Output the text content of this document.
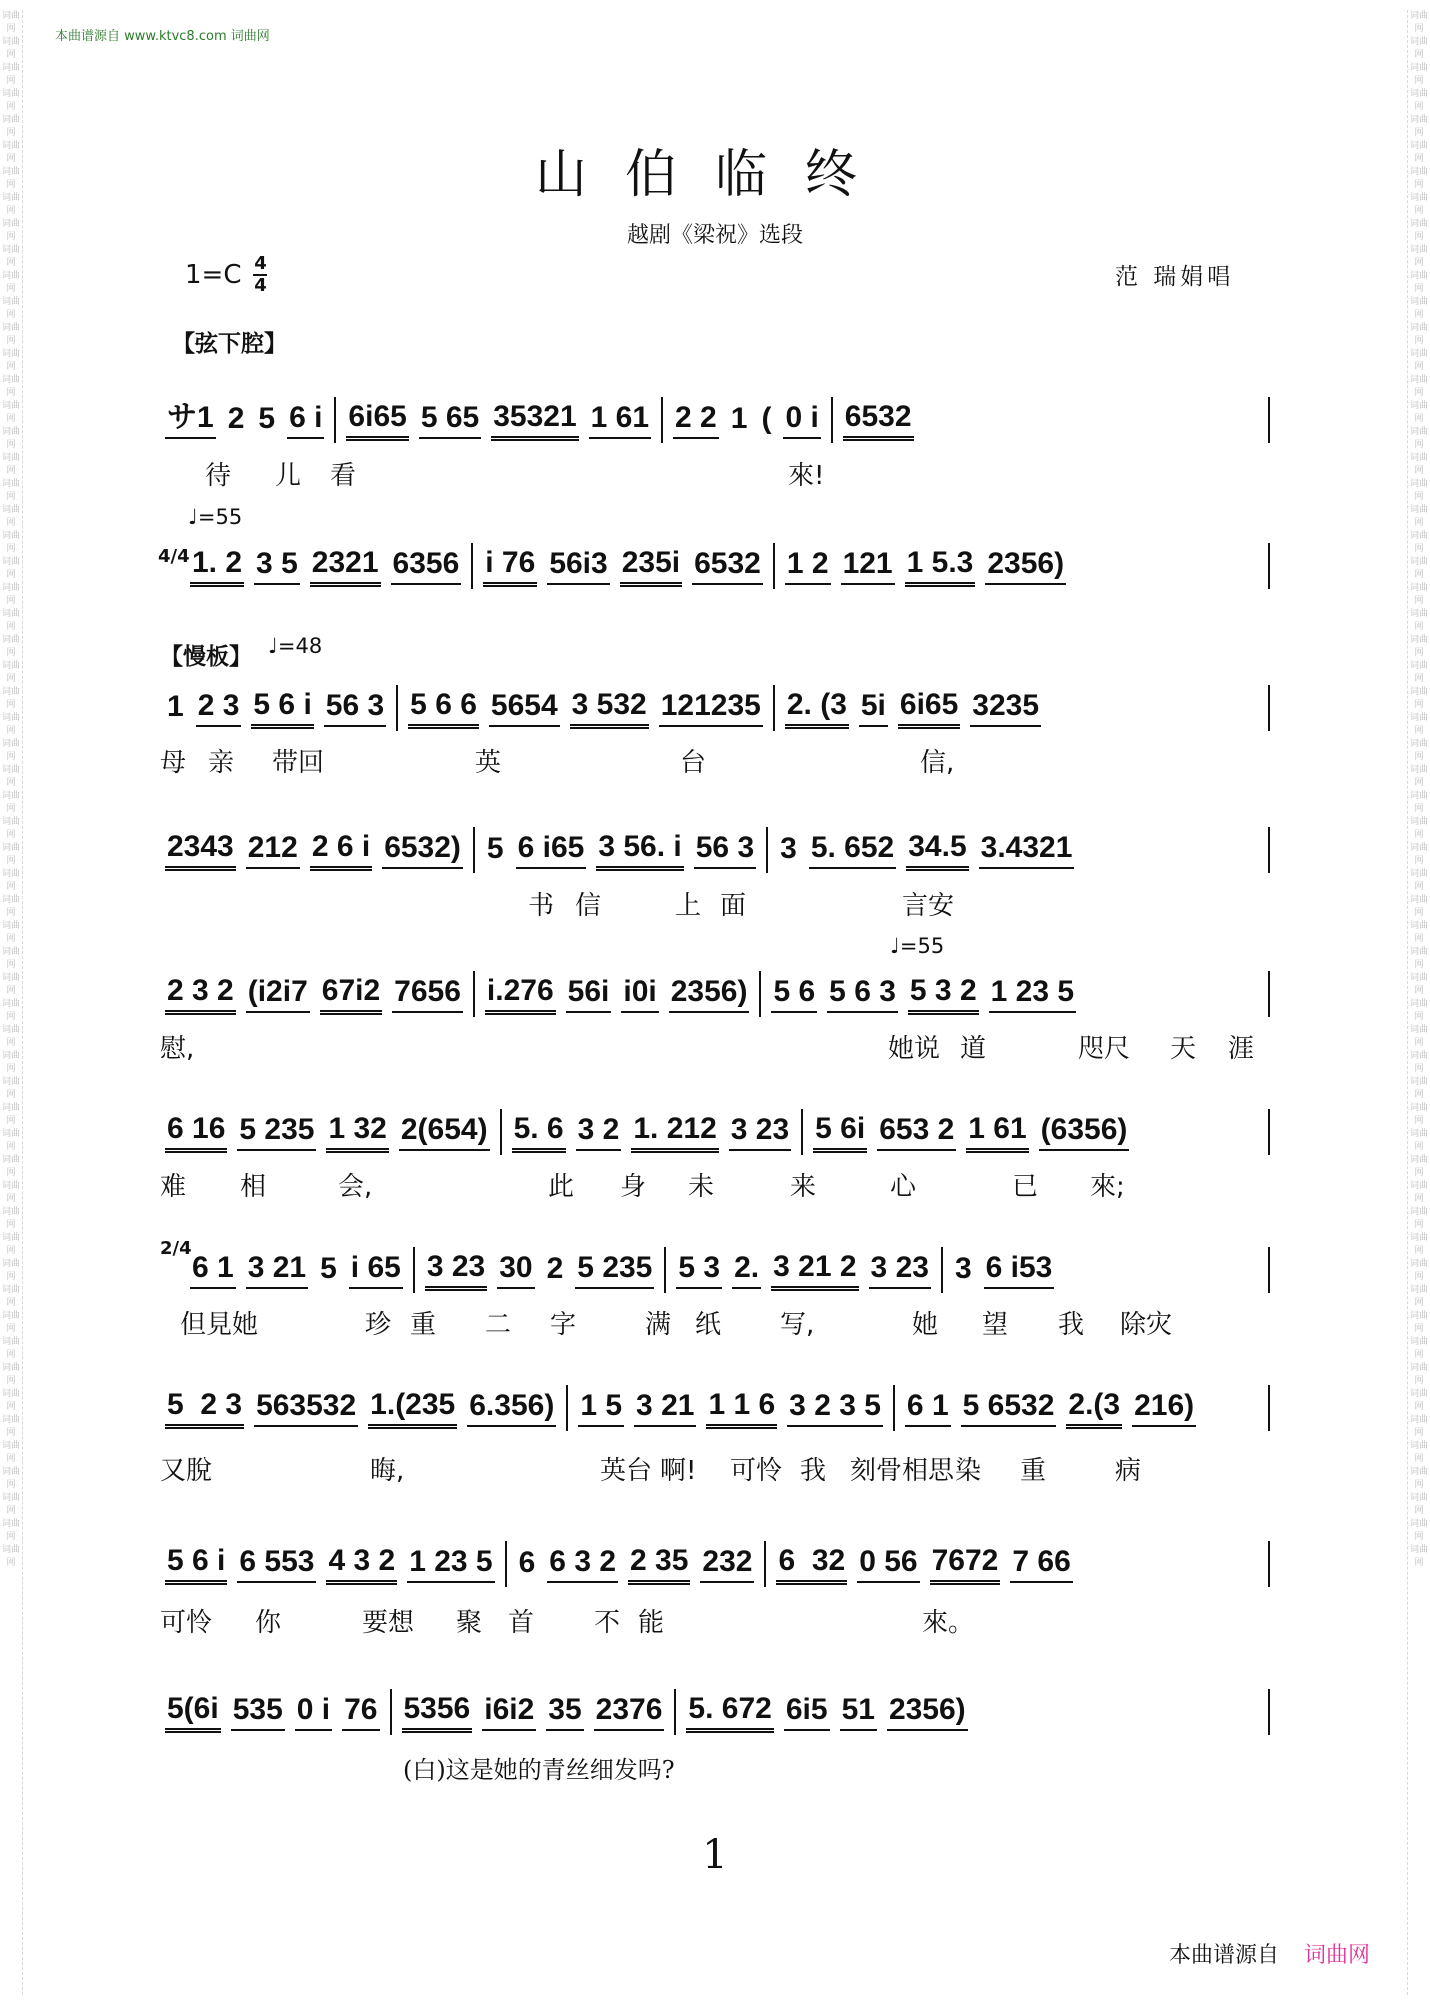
词曲网
词曲网
词曲网
词曲网
词曲网
词曲网
词曲网
词曲网
词曲网
词曲网
词曲网
词曲网
词曲网
词曲网
词曲网
词曲网
词曲网
词曲网
词曲网
词曲网
词曲网
词曲网
词曲网
词曲网
词曲网
词曲网
词曲网
词曲网
词曲网
词曲网
词曲网
词曲网
词曲网
词曲网
词曲网
词曲网
词曲网
词曲网
词曲网
词曲网
词曲网
词曲网
词曲网
词曲网
词曲网
词曲网
词曲网
词曲网
词曲网
词曲网
词曲网
词曲网
词曲网
词曲网
词曲网
词曲网
词曲网
词曲网
词曲网
词曲网

词曲网
词曲网
词曲网
词曲网
词曲网
词曲网
词曲网
词曲网
词曲网
词曲网
词曲网
词曲网
词曲网
词曲网
词曲网
词曲网
词曲网
词曲网
词曲网
词曲网
词曲网
词曲网
词曲网
词曲网
词曲网
词曲网
词曲网
词曲网
词曲网
词曲网
词曲网
词曲网
词曲网
词曲网
词曲网
词曲网
词曲网
词曲网
词曲网
词曲网
词曲网
词曲网
词曲网
词曲网
词曲网
词曲网
词曲网
词曲网
词曲网
词曲网
词曲网
词曲网
词曲网
词曲网
词曲网
词曲网
词曲网
词曲网
词曲网
词曲网

本曲谱源自 www.ktvc8.com 词曲网
山伯临终
越剧《梁祝》选段
1=C 4
4	范 瑞娟唱
【弦下腔】
サ1 2 5 6 i 6i65 5 65 35321 1 61 2 2 1 ( 0 i 6532
待 儿 看	來!
♩=55
4/4 1. 2 3 5 2321 6356 i 76 56i3 235i 6532 1 2 121 1 5.3 2356)
【慢板】 ♩=48
1 2 3 5 6 i 56 3 5 6 6 5654 3 532 121235 2. (3 5i 6i65 3235
母 亲 带回	英	台	信,
2343 212 2 6 i 6532) 5 6 i65 3 56. i 56 3 3 5. 652 34.5 3.4321
书 信	上 面	言安
♩=55
2 3 2 (i2i7 67i2 7656 i.276 56i i0i 2356) 5 6 5 6 3 5 3 2 1 23 5
慰,	她说 道	咫尺 天 涯
6 16 5 235 1 32 2(654) 5. 6 3 2 1. 212 3 23 5 6i 653 2 1 61 (6356)
难 相	会,	此 身 未	来	心	已 來;
2/4
6 1 3 21 5 i 65 3 23 30 2 5 235 5 3 2. 3 21 2 3 23 3 6 i53
但見她	珍 重 二 字	满 纸 写,	她 望 我 除灾
5  2 3 563532 1.(235 6.356) 1 5 3 21 1 1 6 3 2 3 5 6 1 5 6532 2.(3 216)
又脫	晦,	英台 啊! 可怜 我 刻骨相思 染 重	病
5 6 i 6 553 4 3 2 1 23 5 6 6 3 2 2 35 232 6  32 0 56 7672 7 66
可怜 你	要想 聚 首 不 能	來。
5(6i 535 0 i 76 5356 i6i2 35 2376 5. 672 6i5 51 2356)

(白)这是她的青丝细发吗?

1
本曲谱源自 词曲网
